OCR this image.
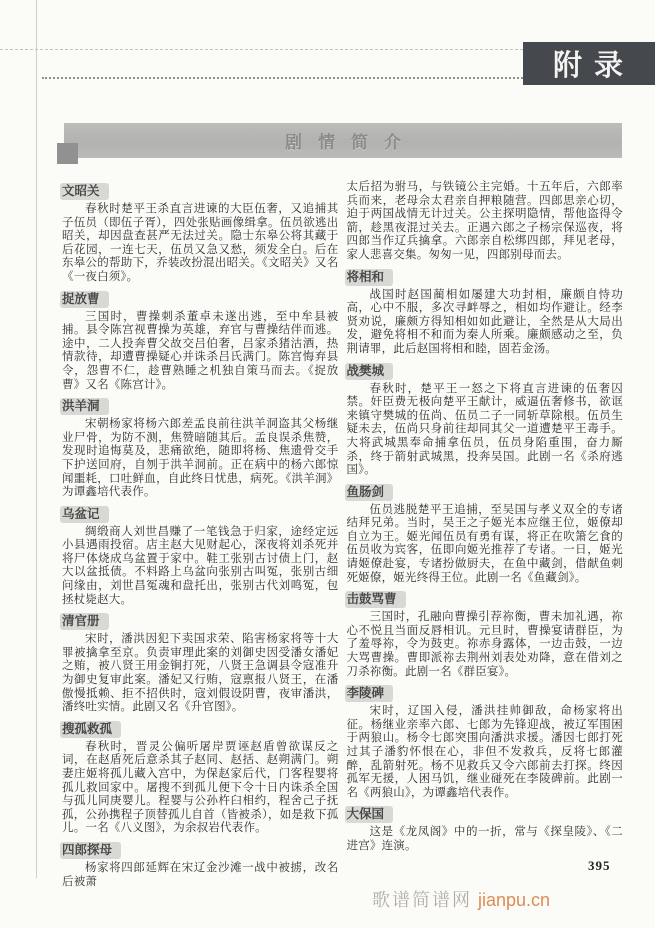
附录
剧情简介
文昭关

春秋时楚平王杀直言进谏的大臣伍奢，又追捕其子伍员（即伍子胥），四处张贴画像缉拿。伍员欲逃出昭关，却因盘查甚严无法过关。隐士东皋公将其藏于后花园，一连七天，伍员又急又愁，须发全白。后在东皋公的帮助下，乔装改扮混出昭关。《文昭关》又名《一夜白须》。

捉放曹

三国时，曹操刺杀董卓未遂出逃，至中牟县被捕。县令陈宫视曹操为英雄，弃官与曹操结伴而逃。途中，二人投奔曹父故交吕伯奢，吕家杀猪沽酒，热情款待，却遭曹操疑心并诛杀吕氏满门。陈宫悔弃县令，怨曹不仁，趁曹熟睡之机独自策马而去。《捉放曹》又名《陈宫计》。

洪羊洞

宋朝杨家将杨六郎差孟良前往洪羊洞盗其父杨继业尸骨，为防不测，焦赞暗随其后。孟良误杀焦赞，发现时追悔莫及，悲痛欲绝，随即将杨、焦遗骨交手下护送回府，自刎于洪羊洞前。正在病中的杨六郎惊闻噩耗，口吐鲜血，自此终日忧患，病死。《洪羊洞》为谭鑫培代表作。

乌盆记

绸缎商人刘世昌赚了一笔钱急于归家，途经定远小县遇雨投宿。店主赵大见财起心，深夜将刘杀死并将尸体烧成乌盆置于家中。鞋工张别古讨债上门，赵大以盆抵债。不料路上乌盆向张别古叫冤，张别古细问缘由，刘世昌冤魂和盘托出，张别古代刘鸣冤，包拯杖毙赵大。

清官册

宋时，潘洪因犯下卖国求荣、陷害杨家将等十大罪被擒拿至京。负责审理此案的刘御史因受潘女潘妃之贿，被八贤王用金锏打死，八贤王急调县令寇准升为御史复审此案。潘妃又行贿，寇禀报八贤王，在潘傲慢抵赖、拒不招供时，寇刘假设阴曹，夜审潘洪，潘终吐实情。此剧又名《升官图》。

搜孤救孤

春秋时，晋灵公偏听屠岸贾诬赵盾曾欲谋反之词，在赵盾死后意杀其子赵同、赵括、赵朔满门。朔妻庄姬将孤儿藏入宫中，为保赵家后代，门客程婴将孤儿救回家中。屠搜不到孤儿便下令十日内诛杀全国与孤儿同庚婴儿。程婴与公孙杵臼相约，程舍己子抚孤，公孙携程子顶替孤儿自首（皆被杀），如是救下孤儿。一名《八义图》，为余叔岩代表作。

四郎探母

杨家将四郎延辉在宋辽金沙滩一战中被掳，改名后被萧

太后招为驸马，与铁镜公主完婚。十五年后，六郎率兵而来，老母佘太君亲自押粮随营。四郎思亲心切，迫于两国战情无计过关。公主探明隐情，帮他盗得令箭，趁黑夜混过关去。正遇六郎之子杨宗保巡夜，将四郎当作辽兵擒拿。六郎亲自松绑四郎，拜见老母，家人悲喜交集。匆匆一见，四郎别母而去。

将相和

战国时赵国蔺相如屡建大功封相，廉颇自恃功高，心中不服，多次寻衅辱之，相如均作避让。经李贤劝说，廉颇方得知相如如此避让，全然是从大局出发，避免将相不和而为秦人所乘。廉颇感动之至，负荆请罪，此后赵国将相和睦，固若金汤。

战樊城

春秋时，楚平王一怒之下将直言进谏的伍奢囚禁。奸臣费无极向楚平王献计，威逼伍奢修书，欲诓来镇守樊城的伍尚、伍员二子一同斩草除根。伍员生疑未去，伍尚只身前往却同其父一道遭楚平王毒手。大将武城黑奉命捕拿伍员，伍员身陷重围，奋力厮杀，终于箭射武城黑，投奔吴国。此剧一名《杀府逃国》。

鱼肠剑

伍员逃脱楚平王追捕，至吴国与孝义双全的专诸结拜兄弟。当时，吴王之子姬光本应继王位，姬僚却自立为王。姬光闻伍员有勇有谋，将正在吹箫乞食的伍员收为宾客，伍即向姬光推荐了专诸。一日，姬光请姬僚赴宴，专诸扮做厨夫，在鱼中藏剑，借献鱼刺死姬僚，姬光终得王位。此剧一名《鱼藏剑》。

击鼓骂曹

三国时，孔融向曹操引荐祢衡，曹未加礼遇，祢心不悦且当面反唇相讥。元旦时，曹操宴请群臣，为了羞辱祢，令为鼓吏。祢赤身露体，一边击鼓，一边大骂曹操。曹即派祢去荆州刘表处劝降，意在借刘之刀杀祢衡。此剧一名《群臣宴》。

李陵碑

宋时，辽国入侵，潘洪挂帅御敌，命杨家将出征。杨继业亲率六郎、七郎为先锋迎战，被辽军围困于两狼山。杨令七郎突围向潘洪求援。潘因七郎打死过其子潘豹怀恨在心，非但不发救兵，反将七郎灌醉，乱箭射死。杨不见救兵又令六郎前去打探。终因孤军无援，人困马饥，继业碰死在李陵碑前。此剧一名《两狼山》，为谭鑫培代表作。

大保国

这是《龙凤阁》中的一折，常与《探皇陵》、《二进宫》连演。

395
歌谱简谱网 jianpu.cn
